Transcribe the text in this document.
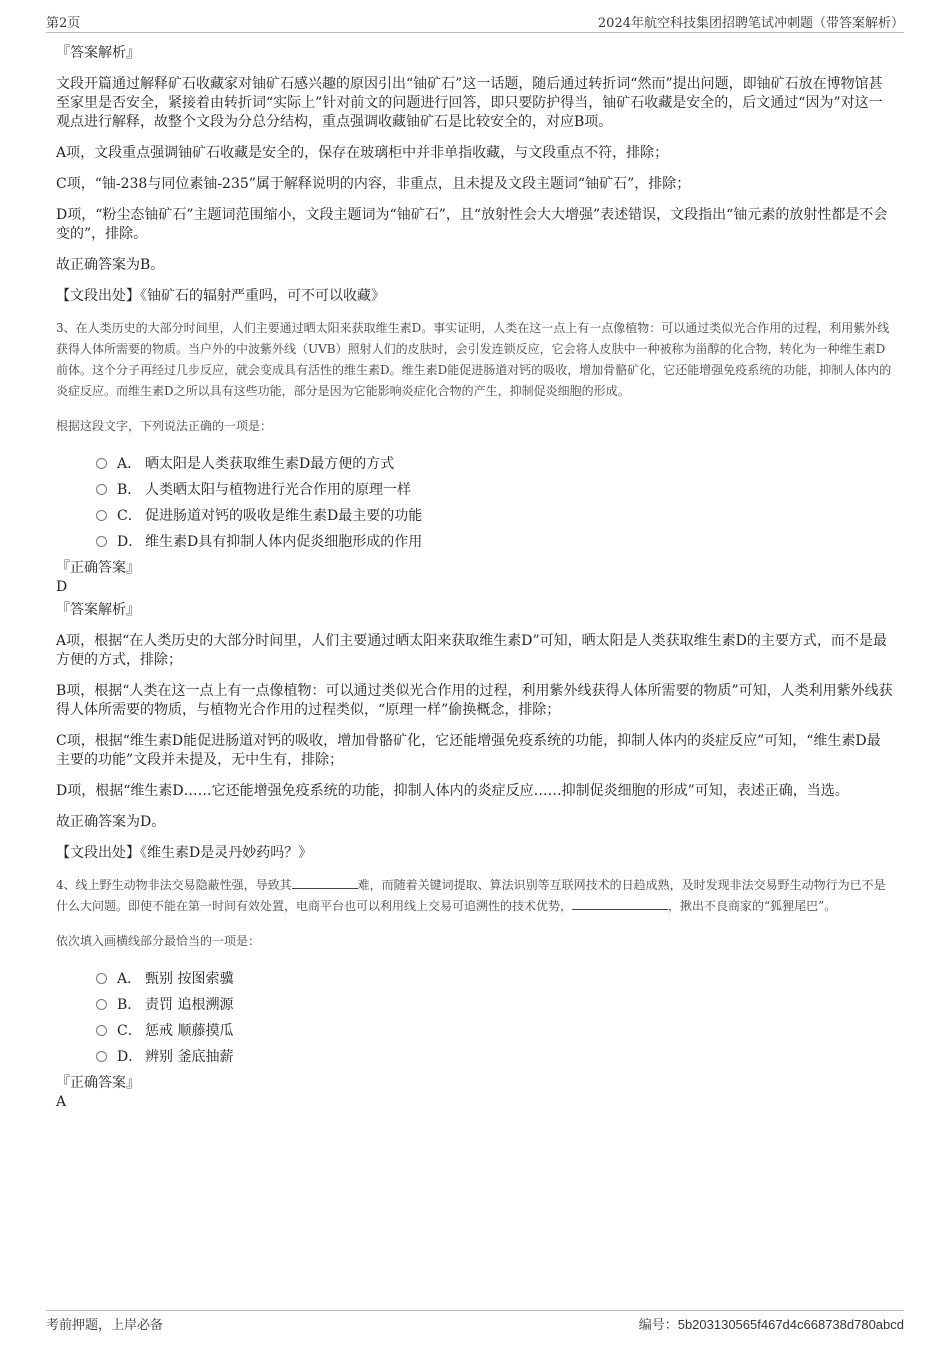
第2页	2024年航空科技集团招聘笔试冲刺题（带答案解析）
『答案解析』
文段开篇通过解释矿石收藏家对铀矿石感兴趣的原因引出“铀矿石”这一话题，随后通过转折词“然而”提出问题，即铀矿石放在博物馆甚至家里是否安全，紧接着由转折词“实际上”针对前文的问题进行回答，即只要防护得当，铀矿石收藏是安全的，后文通过“因为”对这一观点进行解释，故整个文段为分总分结构，重点强调收藏铀矿石是比较安全的，对应B项。
A项，文段重点强调铀矿石收藏是安全的，保存在玻璃柜中并非单指收藏，与文段重点不符，排除；
C项，“铀-238与同位素铀-235”属于解释说明的内容，非重点，且未提及文段主题词“铀矿石”，排除；
D项，“粉尘态铀矿石”主题词范围缩小，文段主题词为“铀矿石”，且“放射性会大大增强”表述错误，文段指出“铀元素的放射性都是不会变的”，排除。
故正确答案为B。
【文段出处】《铀矿石的辐射严重吗，可不可以收藏》
3、在人类历史的大部分时间里，人们主要通过晒太阳来获取维生素D。事实证明，人类在这一点上有一点像植物：可以通过类似光合作用的过程，利用紫外线获得人体所需要的物质。当户外的中波紫外线（UVB）照射人们的皮肤时，会引发连锁反应，它会将人皮肤中一种被称为甾醇的化合物，转化为一种维生素D前体。这个分子再经过几步反应，就会变成具有活性的维生素D。维生素D能促进肠道对钙的吸收，增加骨骼矿化，它还能增强免疫系统的功能，抑制人体内的炎症反应。而维生素D之所以具有这些功能，部分是因为它能影响炎症化合物的产生，抑制促炎细胞的形成。
根据这段文字，下列说法正确的一项是：
A． 晒太阳是人类获取维生素D最方便的方式
B． 人类晒太阳与植物进行光合作用的原理一样
C． 促进肠道对钙的吸收是维生素D最主要的功能
D． 维生素D具有抑制人体内促炎细胞形成的作用
『正确答案』
D
『答案解析』
A项，根据“在人类历史的大部分时间里，人们主要通过晒太阳来获取维生素D”可知，晒太阳是人类获取维生素D的主要方式，而不是最方便的方式，排除；
B项，根据“人类在这一点上有一点像植物：可以通过类似光合作用的过程，利用紫外线获得人体所需要的物质”可知，人类利用紫外线获得人体所需要的物质，与植物光合作用的过程类似，“原理一样”偷换概念，排除；
C项，根据“维生素D能促进肠道对钙的吸收，增加骨骼矿化，它还能增强免疫系统的功能，抑制人体内的炎症反应”可知，“维生素D最主要的功能”文段并未提及，无中生有，排除；
D项，根据“维生素D……它还能增强免疫系统的功能，抑制人体内的炎症反应……抑制促炎细胞的形成”可知，表述正确，当选。
故正确答案为D。
【文段出处】《维生素D是灵丹妙药吗？》
4、线上野生动物非法交易隐蔽性强，导致其	难，而随着关键词提取、算法识别等互联网技术的日趋成熟，及时发现非法交易野生动物行为已不是什么大问题。即使不能在第一时间有效处置，电商平台也可以利用线上交易可追溯性的技术优势，	，揪出不良商家的“狐狸尾巴”。
依次填入画横线部分最恰当的一项是：
A． 甄别 按图索骥
B． 责罚 追根溯源
C． 惩戒 顺藤摸瓜
D． 辨别 釜底抽薪
『正确答案』
A
考前押题，上岸必备	编号：5b203130565f467d4c668738d780abcd
